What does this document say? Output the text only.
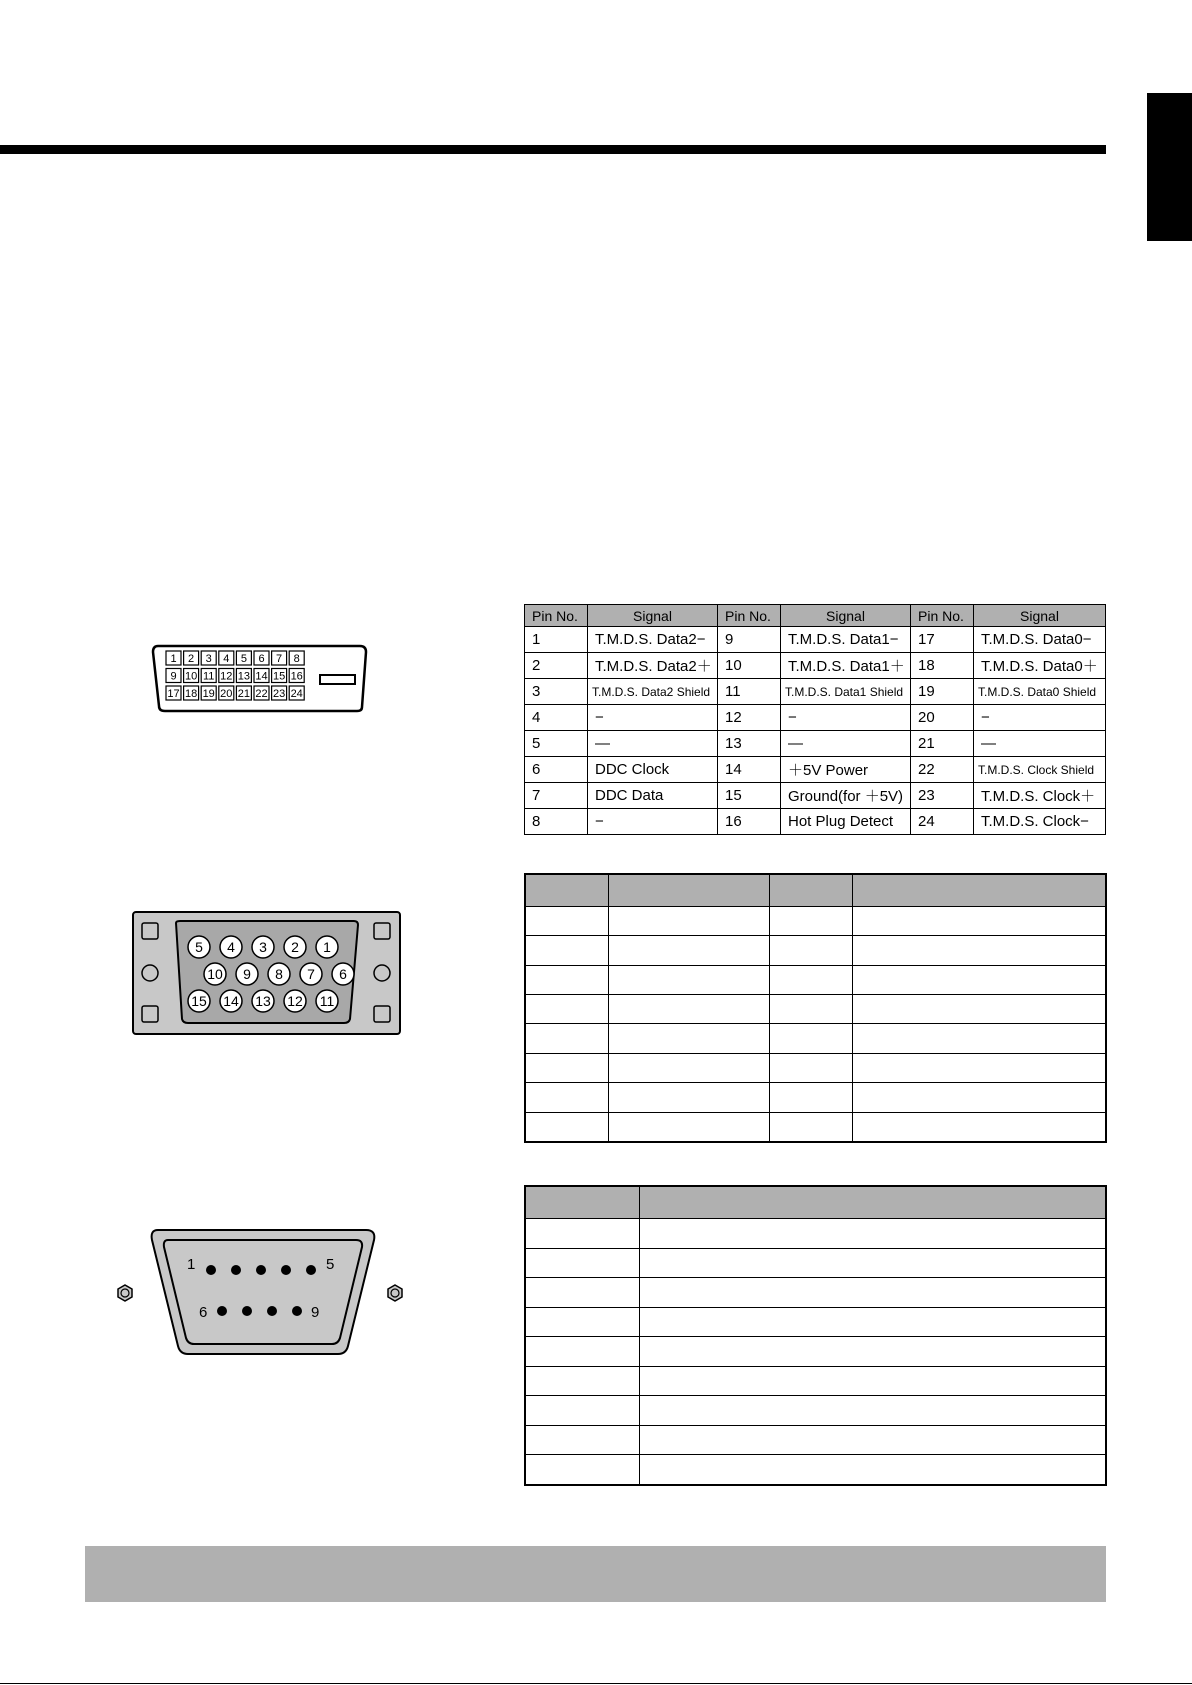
1 2 3 4 5 6 7 8
9 10 11 12 13 14 15 16
17 18 19 20 21 22 23 24
5 4 3 2 1
10 9 8 7 6
15 14 13 12 11
1	5
6	9
Pin No.	Signal	Pin No.	Signal	Pin No.	Signal
1	T.M.D.S. Data2−	9	T.M.D.S. Data1−	17	T.M.D.S. Data0−
2	T.M.D.S. Data2＋	10	T.M.D.S. Data1＋	18	T.M.D.S. Data0＋
3	T.M.D.S. Data2 Shield	11	T.M.D.S. Data1 Shield	19	T.M.D.S. Data0 Shield
4	−	12	−	20	−
5	—	13	—	21	—
6	DDC Clock	14	＋5V Power	22	T.M.D.S. Clock Shield
7	DDC Data	15	Ground(for ＋5V)	23	T.M.D.S. Clock＋
8	−	16	Hot Plug Detect	24	T.M.D.S. Clock−
